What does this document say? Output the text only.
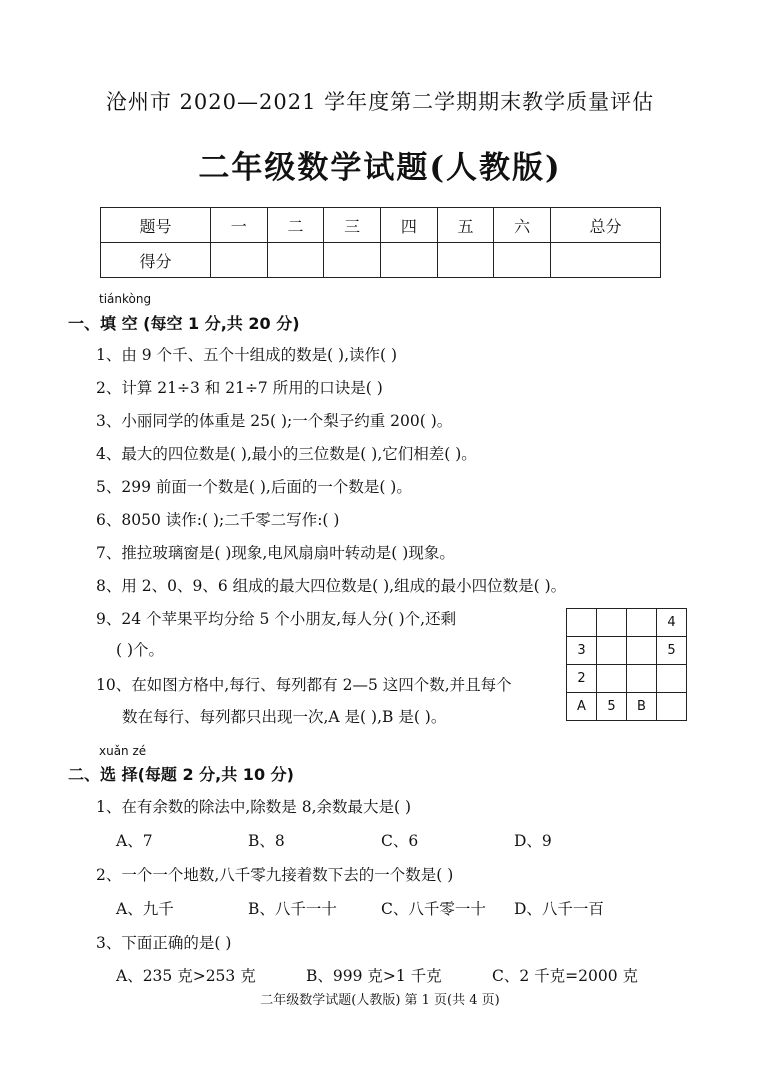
沧州市 2020—2021 学年度第二学期期末教学质量评估
二年级数学试题(人教版)
题号	一	二	三	四	五	六	总分
得分							
tiánkòng
一、填 空 (每空 1 分,共 20 分)
1、由 9 个千、五个十组成的数是( ),读作( )
2、计算 21÷3 和 21÷7 所用的口诀是( )
3、小丽同学的体重是 25( );一个梨子约重 200( )。
4、最大的四位数是( ),最小的三位数是( ),它们相差( )。
5、299 前面一个数是( ),后面的一个数是( )。
6、8050 读作:( );二千零二写作:( )
7、推拉玻璃窗是( )现象,电风扇扇叶转动是( )现象。
8、用 2、0、9、6 组成的最大四位数是( ),组成的最小四位数是( )。
9、24 个苹果平均分给 5 个小朋友,每人分( )个,还剩
( )个。
10、在如图方格中,每行、每列都有 2—5 这四个数,并且每个
数在每行、每列都只出现一次,A 是( ),B 是( )。
			4
3			5
2			
A	5	B	
xuǎn zé
二、选 择(每题 2 分,共 10 分)
1、在有余数的除法中,除数是 8,余数最大是( )
A、7	B、8	C、6	D、9
2、一个一个地数,八千零九接着数下去的一个数是( )
A、九千	B、八千一十	C、八千零一十 D、八千一百
3、下面正确的是( )
A、235 克>253 克	B、999 克>1 千克	C、2 千克=2000 克
二年级数学试题(人教版) 第 1 页(共 4 页)
